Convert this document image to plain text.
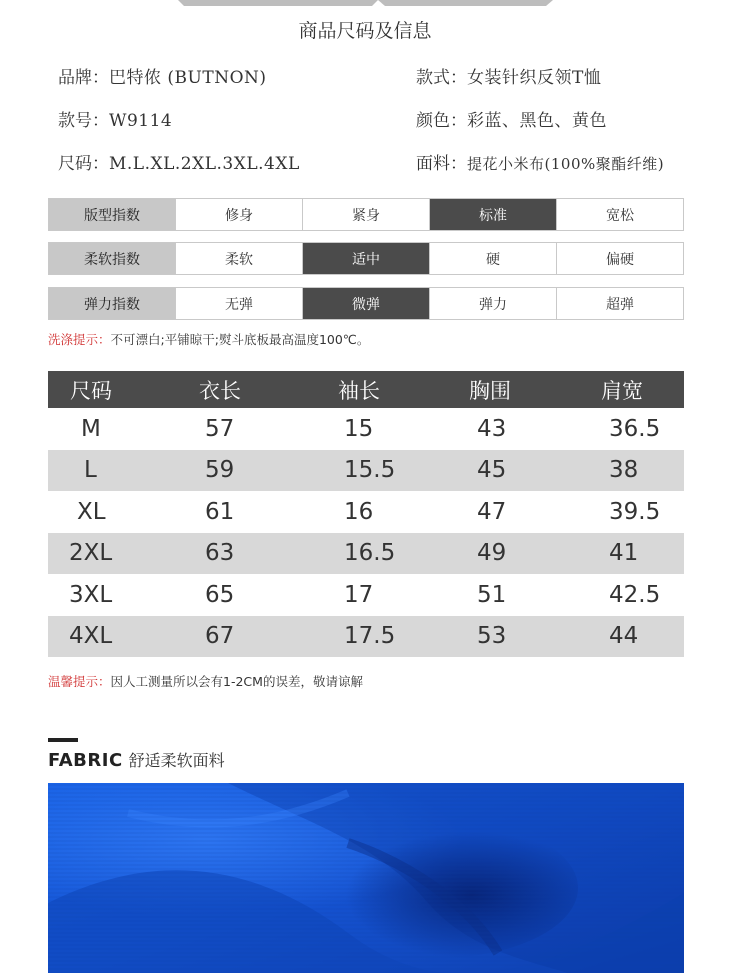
商品尺码及信息
品牌：巴特侬 (BUTNON)	款式：女装针织反领T恤
款号：W9114	颜色：彩蓝、黑色、黄色
尺码：M.L.XL.2XL.3XL.4XL	面料：提花小米布(100%聚酯纤维)
版型指数	修身	紧身	标准	宽松
柔软指数	柔软	适中	硬	偏硬
弹力指数	无弹	微弹	弹力	超弹
洗涤提示：不可漂白;平铺晾干;熨斗底板最高温度100℃。
尺码	衣长	袖长	胸围	肩宽
M	57	15	43	36.5
L	59	15.5	45	38
XL	61	16	47	39.5
2XL	63	16.5	49	41
3XL	65	17	51	42.5
4XL	67	17.5	53	44
温馨提示：因人工测量所以会有1-2CM的误差，敬请谅解
FABRIC 舒适柔软面料
